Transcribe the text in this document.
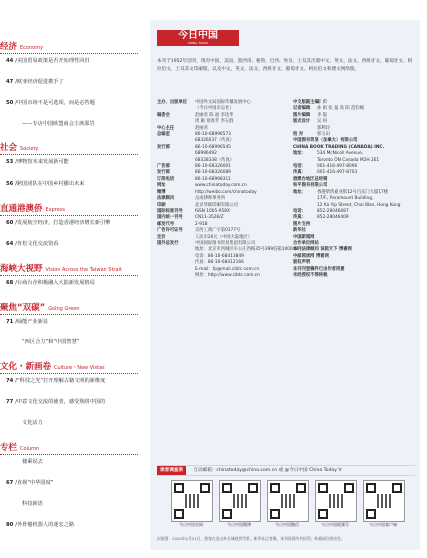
经济 Economy
44 /美国贸易政策是否开始理性回归
47 /欧亚经济促进携手了
50 /中国市场不是可选项，而是必答题
——专访中国欧盟商会主席邵岩
社会 Society
53 /博物馆未来发展新可能
56 /跨国团队在中国乡村播出未来
直通港澳侨 Express
60 /发展航空经济，打造香港经济增长新引擎
64 /肯松文化交流馆看
海峡大视野 Vision Across the Taiwan Strait
68 /台商台企积极融入大陆新发展格局
聚焦“双碳” Going Green
71 /绿能产业新显
“西区合力”和“中国智慧”
文化・新画卷 Culture・New Vistas
74 /“科技之光”打开理解古籍文明的新维度
77 /中意文化交流的使者，感受熟络中国的
文化活力
专栏 Column
楼乘说去
67 /直视“中华国度”
科技新语
80 /外骨骼机器人的迷宏之路
今日中国
CHINA TODAY
本刊于1952年创刊，现有中国、美国、墨西哥、秘鲁、巴西、埃及、土耳其出版中文、英文、法文、西班牙文、葡萄牙文、阿拉伯文、土耳其文印刷版，以及中文、英文、法文、西班牙文、葡萄牙文、阿拉伯文和德文网络版。
主办、出版单位 中国外文局国际传播发展中心
（今日中国杂志社）
编委会	赵丽君 陈 福 李攻华
周 颖 徐春芳 李五群
中心主任	赵丽君
总编室	86-10-68996573
68326037（传真）
发行部	86-10-68996545
68996492
68328338（传真）
广告部	86-10-68326001
发行部	86-10-68326089
订阅电话	86-10-68998311
网址	www.chinatoday.com.cn
微博	http://weibo.com/chinatoday
法律顾问	岳成律师事务所
印刷	北京华联印刷有限公司
国际标准刊号	ISSN 1005-958X
国内统一刊号	CN11-3528/Z
邮发代号	2-918
广告许可证号	京西工商广字第0177号
定价	人民币20元（中国大陆地区）
国外总发行	中国国际图书贸易集团有限公司
地址：北京市西城区车公庄西路35号399信箱100048
电话：86-10-68413849
传真：86-10-68412166
E-mail：fp@mail.cibtc.com.cn
网址：http://www.cibtc.com.cn
中文版副主编郝 蔚
记者编辑 孙 娟 张 曼 高 阳 范钧楠
图片编辑 李 锟
版式设计 吴 珂
郭利玲
校 对	郭玉田
中国图书贸易（加拿大）有限公司
CHINA BOOK TRADING (CANADA) INC.
地址：	534 McNicoll Avenue,
Toronto ON Canada M2H 2E1
电话：	001-416-497-8096
传真：	001-416-497-8703
港澳台地区总经销
和平图书有限公司
地址：	香港柴湾嘉业街12号百乐门大厦17楼
17/F., Paramount Building,
12 Ka Yip Street, Chai Wan, Hong Kong
电话：	852-28046687
传真：	852-28046409
图片支持
新华社
中国新闻网
合作单位网站
本刊法律顾问 该院天下 博睿网
中邮阅读网 博看网
版权声明
本刊刊登稿件已由作者同意
未经授权不得转载
读者调查表 互动邮箱：chinatoday@china.com.cn 或 @今日中国 China Today V
今日中国官网	今日中国微博	今日中国微信	今日中国视频号	今日中国客户端
封面图：2025年1月21日，游客在金山岭长城观赏雪景。新华社记者摄。本刊保留所有权利，转载请注明出处。
